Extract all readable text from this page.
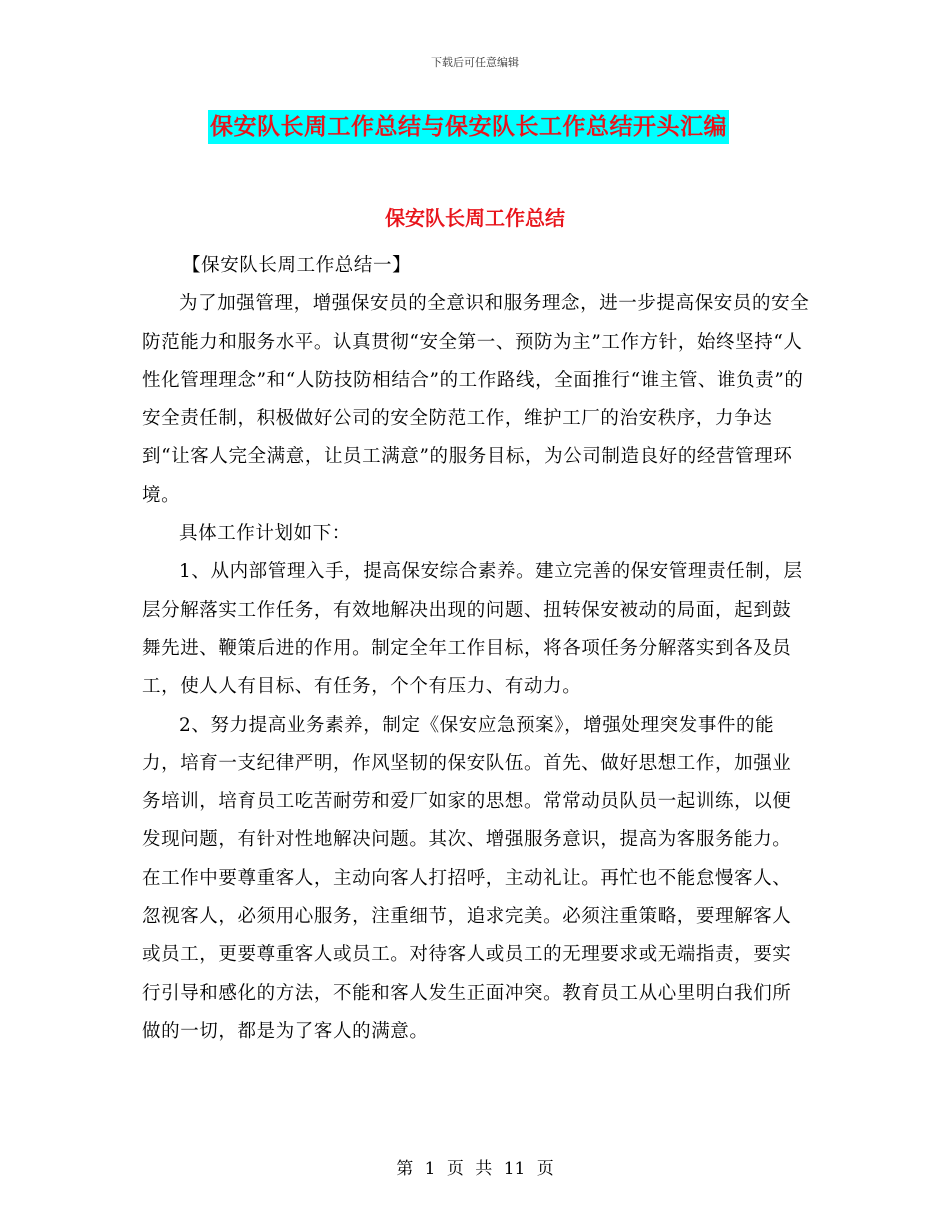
下载后可任意编辑
保安队长周工作总结与保安队长工作总结开头汇编
保安队长周工作总结

【保安队长周工作总结一】

为了加强管理，增强保安员的全意识和服务理念，进一步提高保安员的安全防范能力和服务水平。认真贯彻“安全第一、预防为主”工作方针，始终坚持“人性化管理理念”和“人防技防相结合”的工作路线，全面推行“谁主管、谁负责”的安全责任制，积极做好公司的安全防范工作，维护工厂的治安秩序，力争达到“让客人完全满意，让员工满意”的服务目标，为公司制造良好的经营管理环境。

具体工作计划如下：

1、从内部管理入手，提高保安综合素养。建立完善的保安管理责任制，层层分解落实工作任务，有效地解决出现的问题、扭转保安被动的局面，起到鼓舞先进、鞭策后进的作用。制定全年工作目标，将各项任务分解落实到各及员工，使人人有目标、有任务，个个有压力、有动力。

2、努力提高业务素养，制定《保安应急预案》，增强处理突发事件的能力，培育一支纪律严明，作风坚韧的保安队伍。首先、做好思想工作，加强业务培训，培育员工吃苦耐劳和爱厂如家的思想。常常动员队员一起训练，以便发现问题，有针对性地解决问题。其次、增强服务意识，提高为客服务能力。在工作中要尊重客人，主动向客人打招呼，主动礼让。再忙也不能怠慢客人、忽视客人，必须用心服务，注重细节，追求完美。必须注重策略，要理解客人或员工，更要尊重客人或员工。对待客人或员工的无理要求或无端指责，要实行引导和感化的方法，不能和客人发生正面冲突。教育员工从心里明白我们所做的一切，都是为了客人的满意。

第 1 页 共 11 页
